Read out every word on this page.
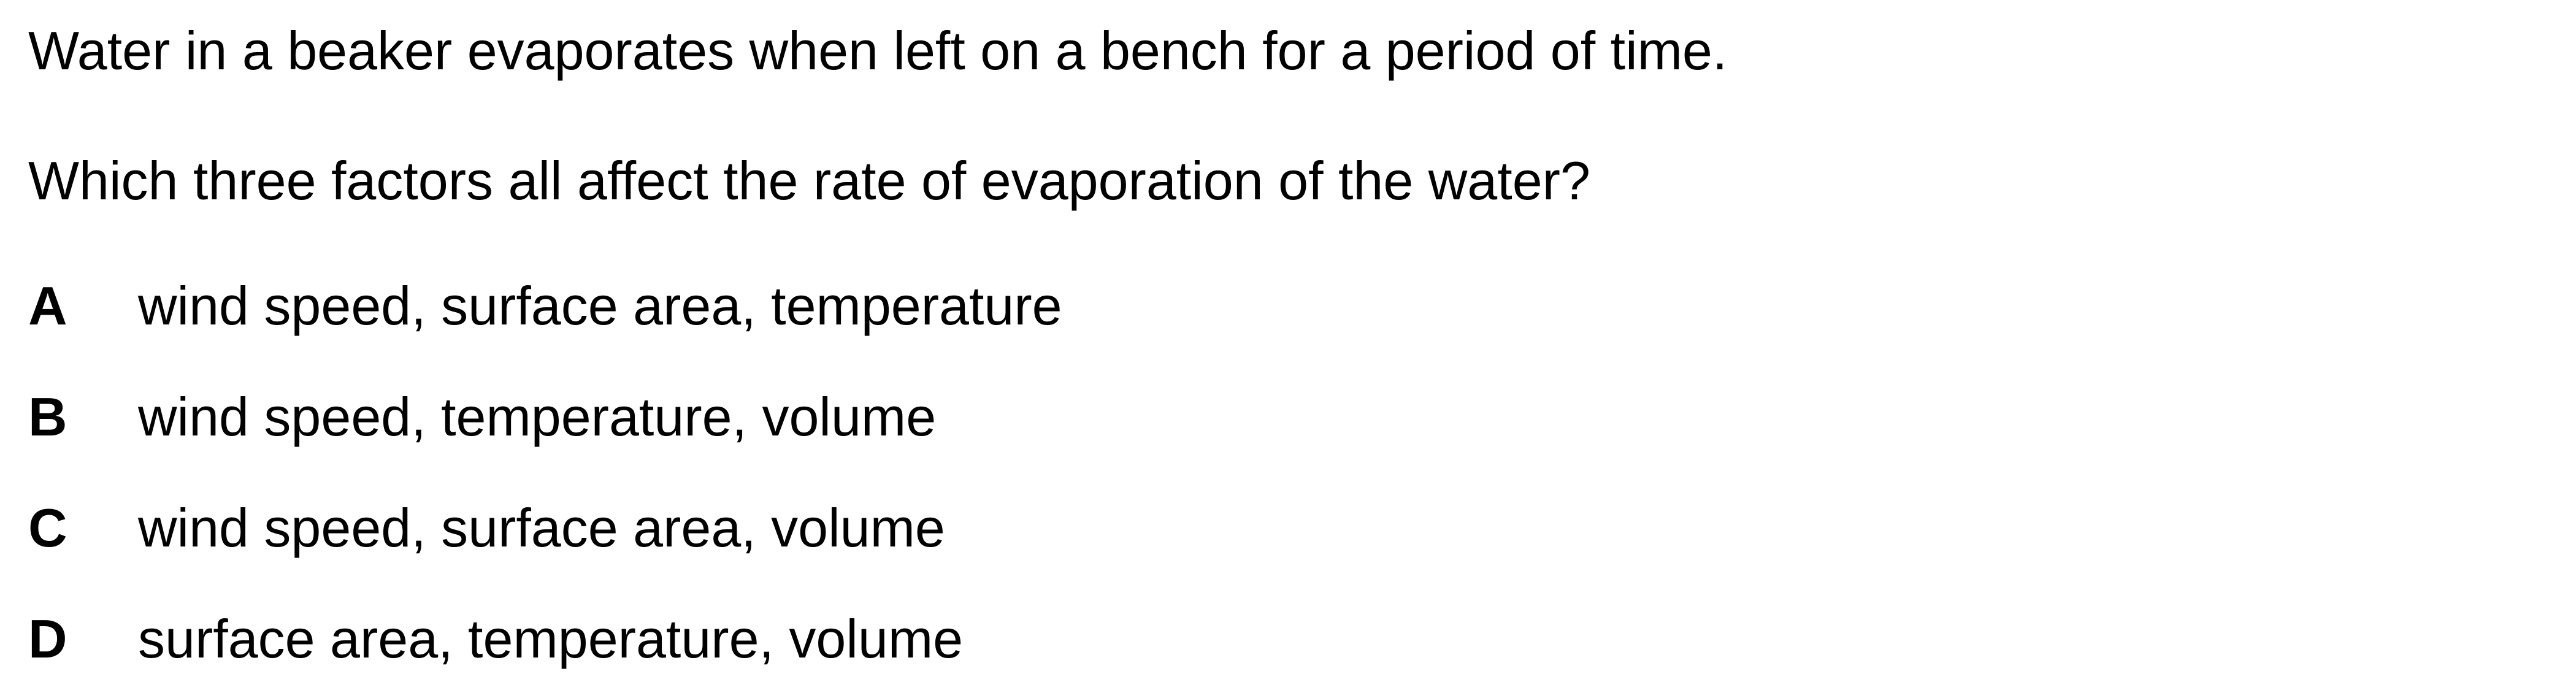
Water in a beaker evaporates when left on a bench for a period of time.
Which three factors all affect the rate of evaporation of the water?
A wind speed, surface area, temperature
B wind speed, temperature, volume
C wind speed, surface area, volume
D surface area, temperature, volume
